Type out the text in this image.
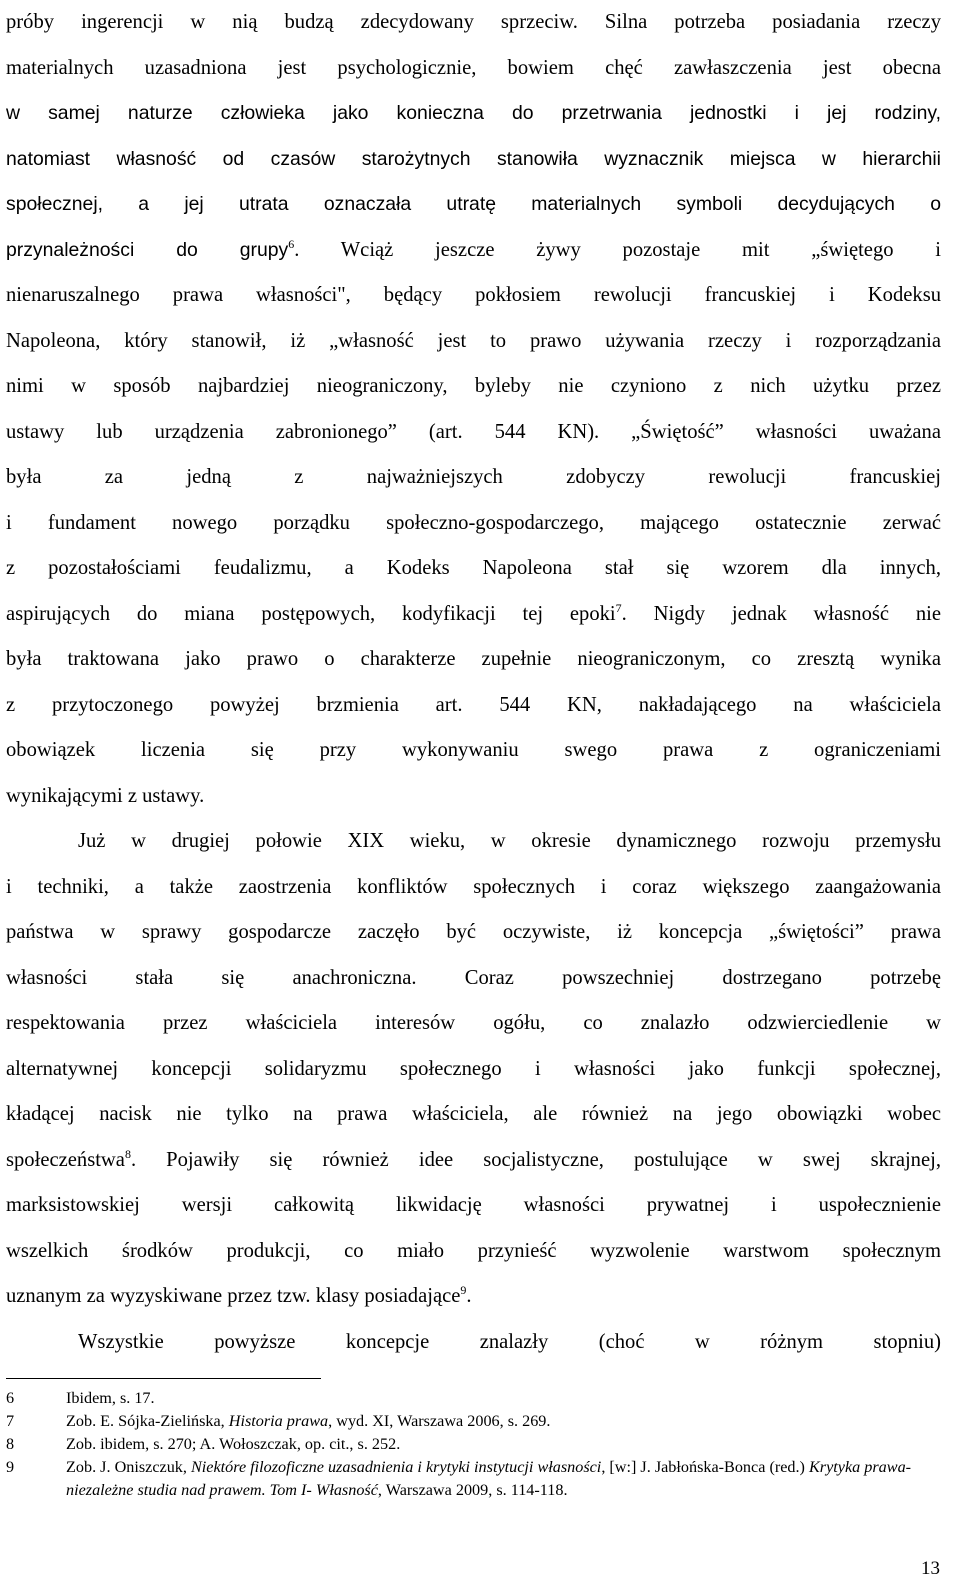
próby ingerencji w nią budzą zdecydowany sprzeciw. Silna potrzeba posiadania rzeczy
materialnych uzasadniona jest psychologicznie, bowiem chęć zawłaszczenia jest obecna
w samej naturze człowieka jako konieczna do przetrwania jednostki i jej rodziny,
natomiast własność od czasów starożytnych stanowiła wyznacznik miejsca w hierarchii
społecznej, a jej utrata oznaczała utratę materialnych symboli decydujących o
przynależności do grupy$^6$. Wciąż jeszcze żywy pozostaje mit „świętego i
nienaruszalnego prawa własności", będący pokłosiem rewolucji francuskiej i Kodeksu
Napoleona, który stanowił, iż „własność jest to prawo używania rzeczy i rozporządzania
nimi w sposób najbardziej nieograniczony, byleby nie czyniono z nich użytku przez
ustawy lub urządzenia zabronionego” (art. 544 KN). „Świętość” własności uważana
była za jedną z najważniejszych zdobyczy rewolucji francuskiej
i fundament nowego porządku społeczno-gospodarczego, mającego ostatecznie zerwać
z pozostałościami feudalizmu, a Kodeks Napoleona stał się wzorem dla innych,
aspirujących do miana postępowych, kodyfikacji tej epoki$^7$. Nigdy jednak własność nie
była traktowana jako prawo o charakterze zupełnie nieograniczonym, co zresztą wynika
z przytoczonego powyżej brzmienia art. 544 KN, nakładającego na właściciela
obowiązek liczenia się przy wykonywaniu swego prawa z ograniczeniami
wynikającymi z ustawy.
Już w drugiej połowie XIX wieku, w okresie dynamicznego rozwoju przemysłu
i techniki, a także zaostrzenia konfliktów społecznych i coraz większego zaangażowania
państwa w sprawy gospodarcze zaczęło być oczywiste, iż koncepcja „świętości” prawa
własności stała się anachroniczna. Coraz powszechniej dostrzegano potrzebę
respektowania przez właściciela interesów ogółu, co znalazło odzwierciedlenie w
alternatywnej koncepcji solidaryzmu społecznego i własności jako funkcji społecznej,
kładącej nacisk nie tylko na prawa właściciela, ale również na jego obowiązki wobec
społeczeństwa$^8$. Pojawiły się również idee socjalistyczne, postulujące w swej skrajnej,
marksistowskiej wersji całkowitą likwidację własności prywatnej i uspołecznienie
wszelkich środków produkcji, co miało przynieść wyzwolenie warstwom społecznym
uznanym za wyzyskiwane przez tzw. klasy posiadające$^9$.
Wszystkie powyższe koncepcje znalazły (choć w różnym stopniu)
6	Ibidem, s. 17.
7	Zob. E. Sójka-Zielińska, Historia prawa, wyd. XI, Warszawa 2006, s. 269.
8	Zob. ibidem, s. 270; A. Wołoszczak, op. cit., s. 252.
9	Zob. J. Oniszczuk, Niektóre filozoficzne uzasadnienia i krytyki instytucji własności, [w:] J. Jabłońska-Bonca (red.) Krytyka prawa- niezależne studia nad prawem. Tom I- Własność, Warszawa 2009, s. 114-118.
13
